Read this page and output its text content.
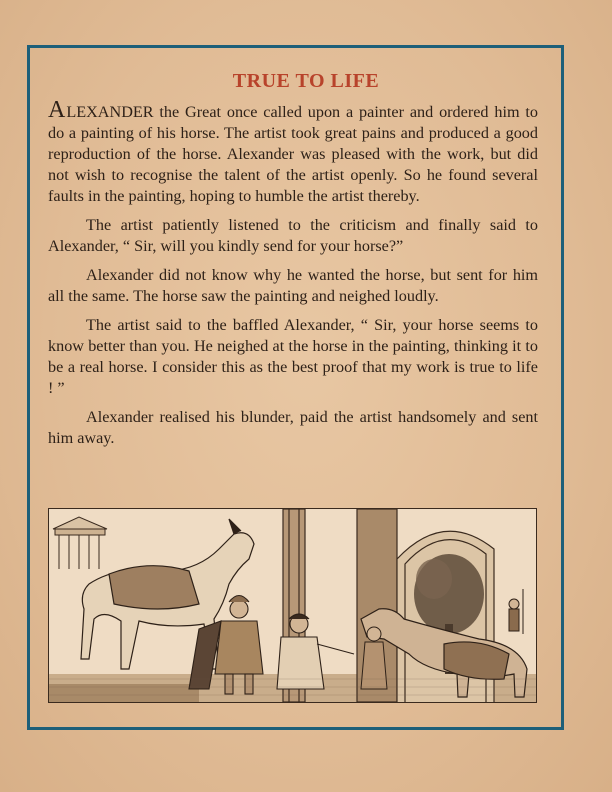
TRUE TO LIFE

ALEXANDER the Great once called upon a painter and ordered him to do a painting of his horse. The artist took great pains and produced a good reproduction of the horse. Alexander was pleased with the work, but did not wish to recognise the talent of the artist openly. So he found several faults in the painting, hoping to humble the artist thereby.

The artist patiently listened to the criticism and finally said to Alexander, “ Sir, will you kindly send for your horse?”

Alexander did not know why he wanted the horse, but sent for him all the same. The horse saw the painting and neighed loudly.

The artist said to the baffled Alexander, “ Sir, your horse seems to know better than you. He neighed at the horse in the painting, thinking it to be a real horse. I consider this as the best proof that my work is true to life ! ”

Alexander realised his blunder, paid the artist handsomely and sent him away.
